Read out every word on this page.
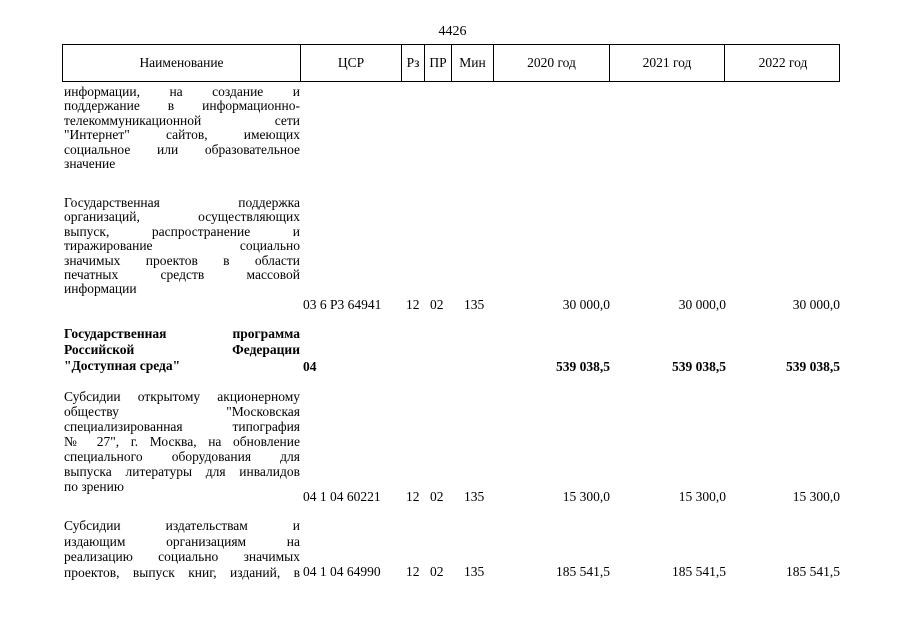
4426
Наименование	ЦСР	Рз ПР Мин	2020 год	2021 год	2022 год
информации, на создание и
поддержание в информационно-
телекоммуникационной сети
"Интернет" сайтов, имеющих
социальное или образовательное
значение
Государственная поддержка
организаций, осуществляющих
выпуск, распространение и
тиражирование социально
значимых проектов в области
печатных средств массовой
информации
03 6 Р3 64941 12 02 135	30 000,0	30 000,0	30 000,0
Государственная программа
Российской Федерации
"Доступная среда"	04	539 038,5	539 038,5	539 038,5
Субсидии открытому акционерному
обществу "Московская
специализированная типография
№ 27", г. Москва, на обновление
специального оборудования для
выпуска литературы для инвалидов
по зрению
04 1 04 60221 12 02 135	15 300,0	15 300,0	15 300,0
Субсидии издательствам и
издающим организациям на
реализацию социально значимых
проектов, выпуск книг, изданий, в 04 1 04 64990 12 02 135	185 541,5	185 541,5	185 541,5
